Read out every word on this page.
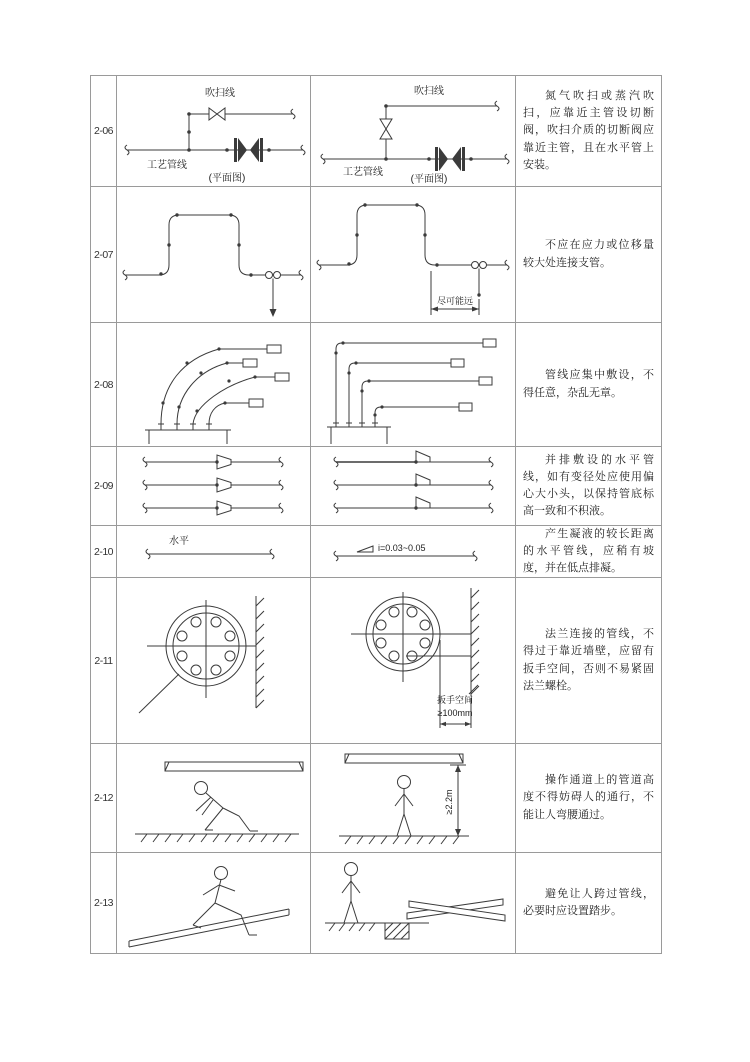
2-06
吹扫线
工艺管线
(平面图)
吹扫线
工艺管线
(平面图)

氮气吹扫或蒸汽吹扫，应靠近主管设切断阀，吹扫介质的切断阀应靠近主管，且在水平管上安装。

2-07
尽可能远

不应在应力或位移量较大处连接支管。

2-08

管线应集中敷设，不得任意，杂乱无章。

2-09

并排敷设的水平管线，如有变径处应使用偏心大小头，以保持管底标高一致和不积液。

2-10
水平
i=0.03~0.05

产生凝液的较长距离的水平管线，应稍有坡度，并在低点排凝。

2-11
扳手空间
≥100mm

法兰连接的管线，不得过于靠近墙壁，应留有扳手空间，否则不易紧固法兰螺栓。

2-12	≥2.2m

操作通道上的管道高度不得妨碍人的通行，不能让人弯腰通过。

2-13

避免让人跨过管线，必要时应设置踏步。
